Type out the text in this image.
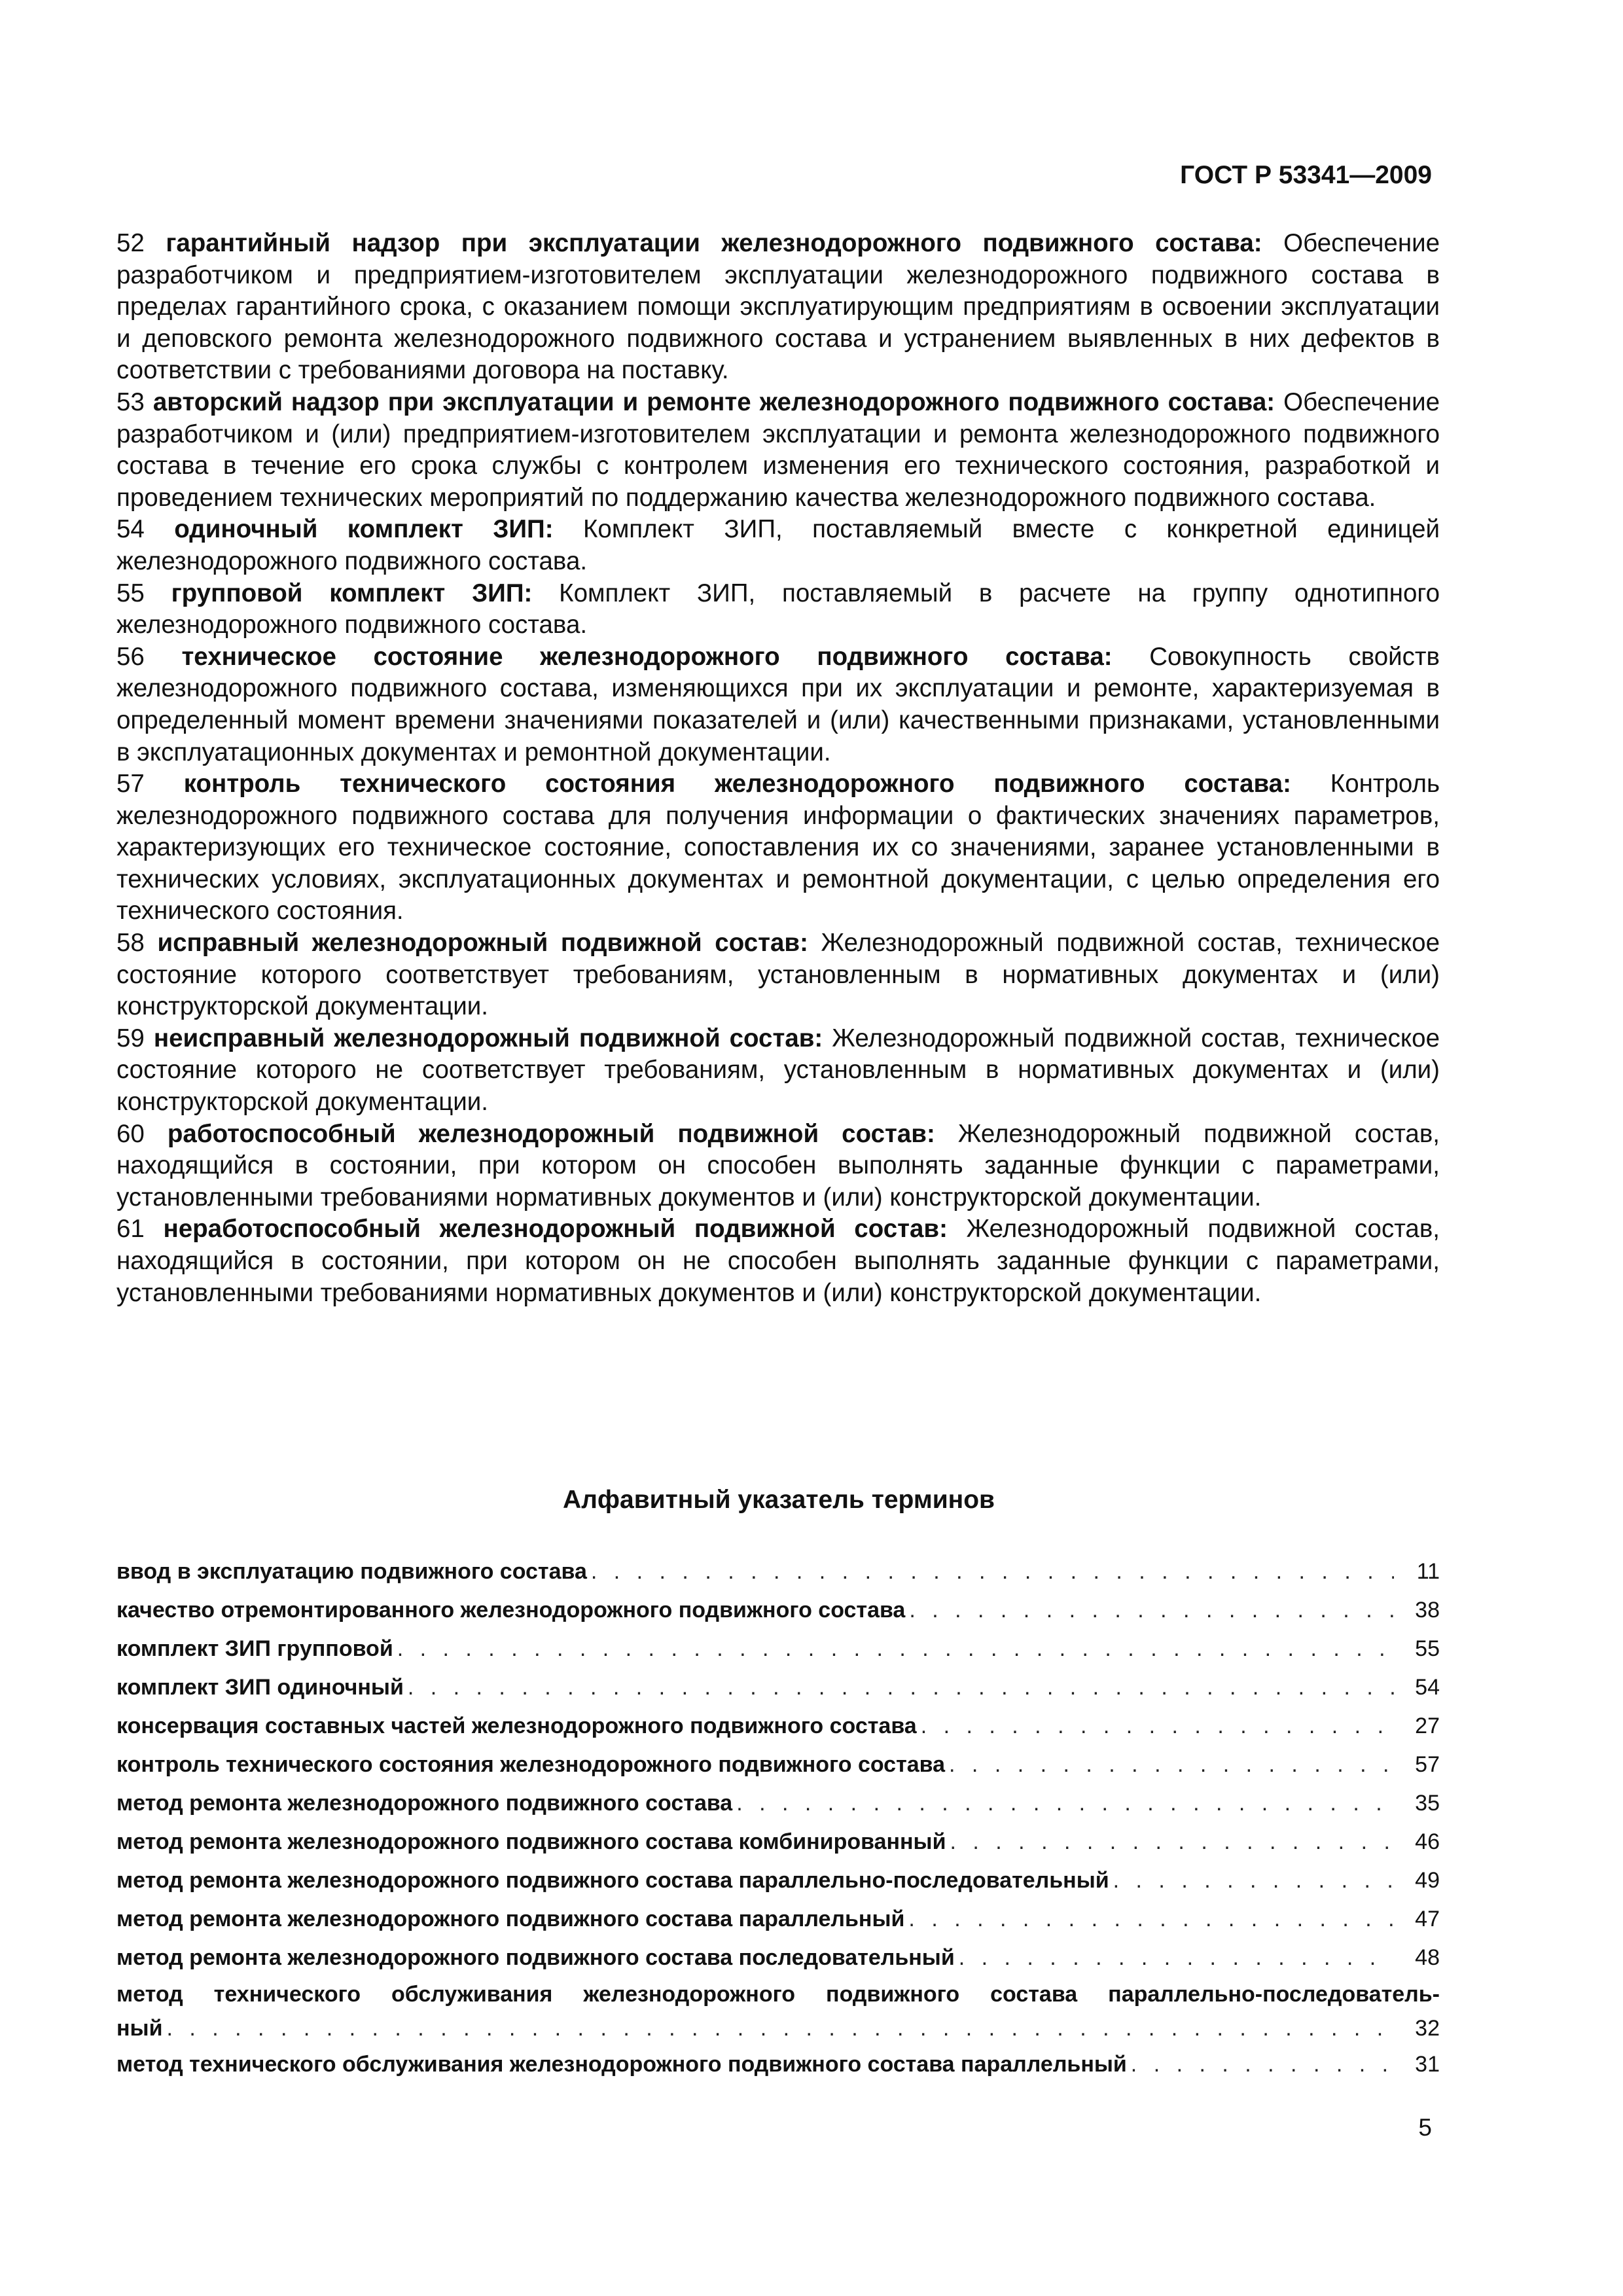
ГОСТ Р 53341—2009

52 гарантийный надзор при эксплуатации железнодорожного подвижного состава: Обеспечение разработчиком и предприятием-изготовителем эксплуатации железнодорожного подвижного состава в пределах гарантийного срока, с оказанием помощи эксплуатирующим предприятиям в освоении эксплуатации и деповского ремонта железнодорожного подвижного состава и устранением выявленных в них дефектов в соответствии с требованиями договора на поставку.

53 авторский надзор при эксплуатации и ремонте железнодорожного подвижного состава: Обеспечение разработчиком и (или) предприятием-изготовителем эксплуатации и ремонта железнодорожного подвижного состава в течение его срока службы с контролем изменения его технического состояния, разработкой и проведением технических мероприятий по поддержанию качества железнодорожного подвижного состава.

54 одиночный комплект ЗИП: Комплект ЗИП, поставляемый вместе с конкретной единицей железнодорожного подвижного состава.

55 групповой комплект ЗИП: Комплект ЗИП, поставляемый в расчете на группу однотипного железнодорожного подвижного состава.

56 техническое состояние железнодорожного подвижного состава: Совокупность свойств железнодорожного подвижного состава, изменяющихся при их эксплуатации и ремонте, характеризуемая в определенный момент времени значениями показателей и (или) качественными признаками, установленными в эксплуатационных документах и ремонтной документации.

57 контроль технического состояния железнодорожного подвижного состава: Контроль железнодорожного подвижного состава для получения информации о фактических значениях параметров, характеризующих его техническое состояние, сопоставления их со значениями, заранее установленными в технических условиях, эксплуатационных документах и ремонтной документации, с целью определения его технического состояния.

58 исправный железнодорожный подвижной состав: Железнодорожный подвижной состав, техническое состояние которого соответствует требованиям, установленным в нормативных документах и (или) конструкторской документации.

59 неисправный железнодорожный подвижной состав: Железнодорожный подвижной состав, техническое состояние которого не соответствует требованиям, установленным в нормативных документах и (или) конструкторской документации.

60 работоспособный железнодорожный подвижной состав: Железнодорожный подвижной состав, находящийся в состоянии, при котором он способен выполнять заданные функции с параметрами, установленными требованиями нормативных документов и (или) конструкторской документации.

61 неработоспособный железнодорожный подвижной состав: Железнодорожный подвижной состав, находящийся в состоянии, при котором он не способен выполнять заданные функции с параметрами, установленными требованиями нормативных документов и (или) конструкторской документации.

Алфавитный указатель терминов
ввод в эксплуатацию подвижного состава . . .	11
качество отремонтированного железнодорожного подвижного состава . . .	38
комплект ЗИП групповой . . .	55
комплект ЗИП одиночный . . .	54
консервация составных частей железнодорожного подвижного состава . . .	27
контроль технического состояния железнодорожного подвижного состава . . .	57
метод ремонта железнодорожного подвижного состава . . .	35
метод ремонта железнодорожного подвижного состава комбинированный . . .	46
метод ремонта железнодорожного подвижного состава параллельно-последовательный . . .	49
метод ремонта железнодорожного подвижного состава параллельный . . .	47
метод ремонта железнодорожного подвижного состава последовательный . . .	48
метод технического обслуживания железнодорожного подвижного состава параллельно-последователь-
ный . . .	32
метод технического обслуживания железнодорожного подвижного состава параллельный . . .	31
5
